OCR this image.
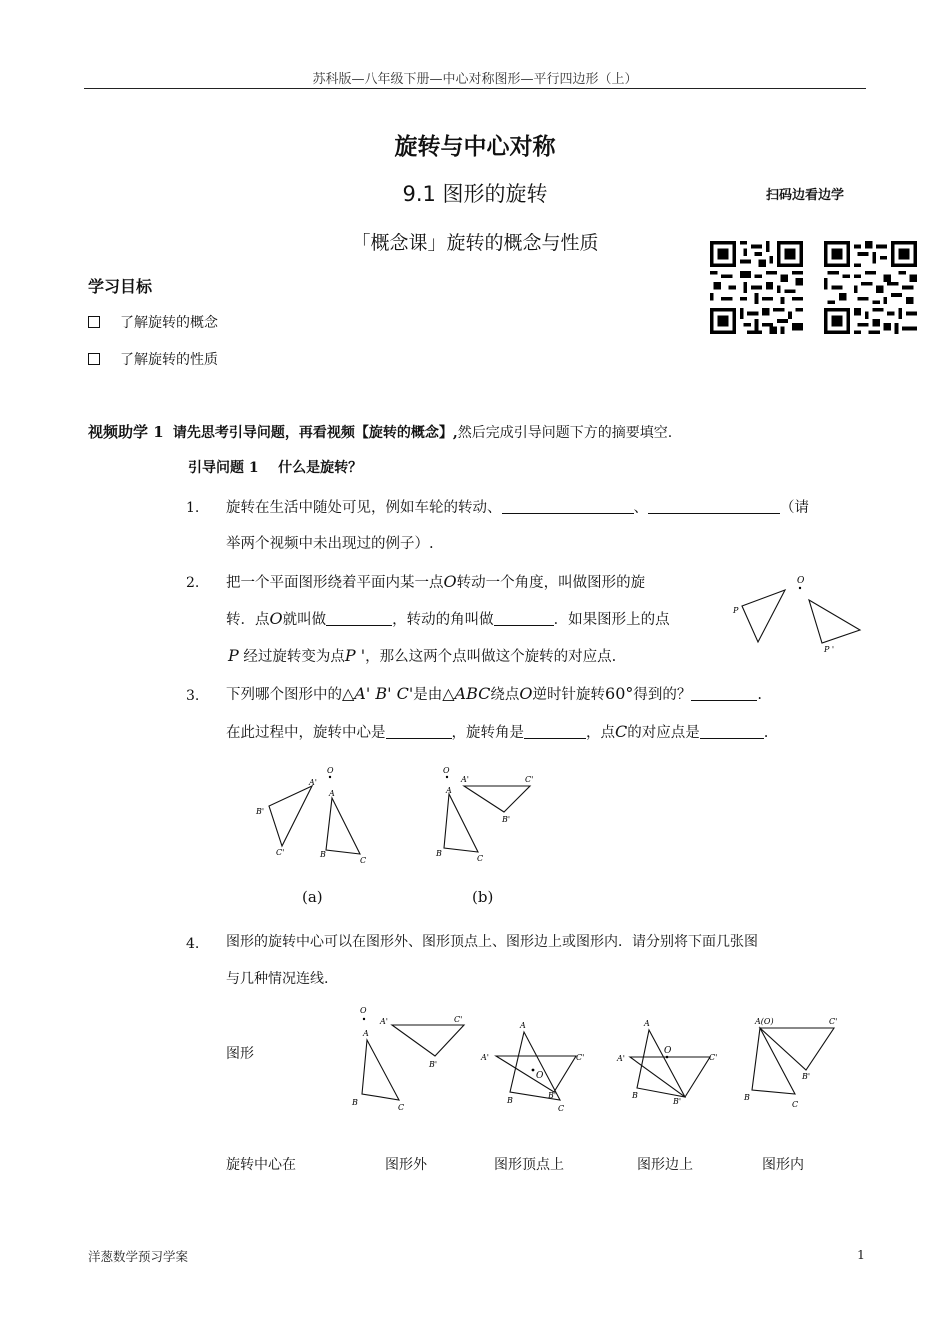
苏科版—八年级下册—中心对称图形—平行四边形（上）
旋转与中心对称
9.1 图形的旋转	扫码边看边学
「概念课」旋转的概念与性质
学习目标
了解旋转的概念
了解旋转的性质
视频助学 1 请先思考引导问题，再看视频【旋转的概念】,然后完成引导问题下方的摘要填空.
引导问题 1 什么是旋转？
1. 旋转在生活中随处可见，例如车轮的转动、	、	（请
举两个视频中未出现过的例子）.
2. 把一个平面图形绕着平面内某一点O转动一个角度，叫做图形的旋
转．点O就叫做	，转动的角叫做	．如果图形上的点
P 经过旋转变为点P '，那么这两个点叫做这个旋转的对应点.
O
P
P '
3. 下列哪个图形中的△A' B' C'是由△ABC绕点O逆时针旋转60°得到的？	.
在此过程中，旋转中心是	，旋转角是	，点C的对应点是	.
O
A'
B'
C'
A
B
C
O
A'	C'
B'
A
B
C
(a)	(b)
4. 图形的旋转中心可以在图形外、图形顶点上、图形边上或图形内．请分别将下面几张图
与几种情况连线.
图形
O
A'	C'
B'
A
B
C
O
A
A'	C'
B'
B
C
O
A
A'	C'
B
B'
A(O)	C'
B'
B
C
旋转中心在	图形外	图形顶点上	图形边上	图形内
洋葱数学预习学案	1
